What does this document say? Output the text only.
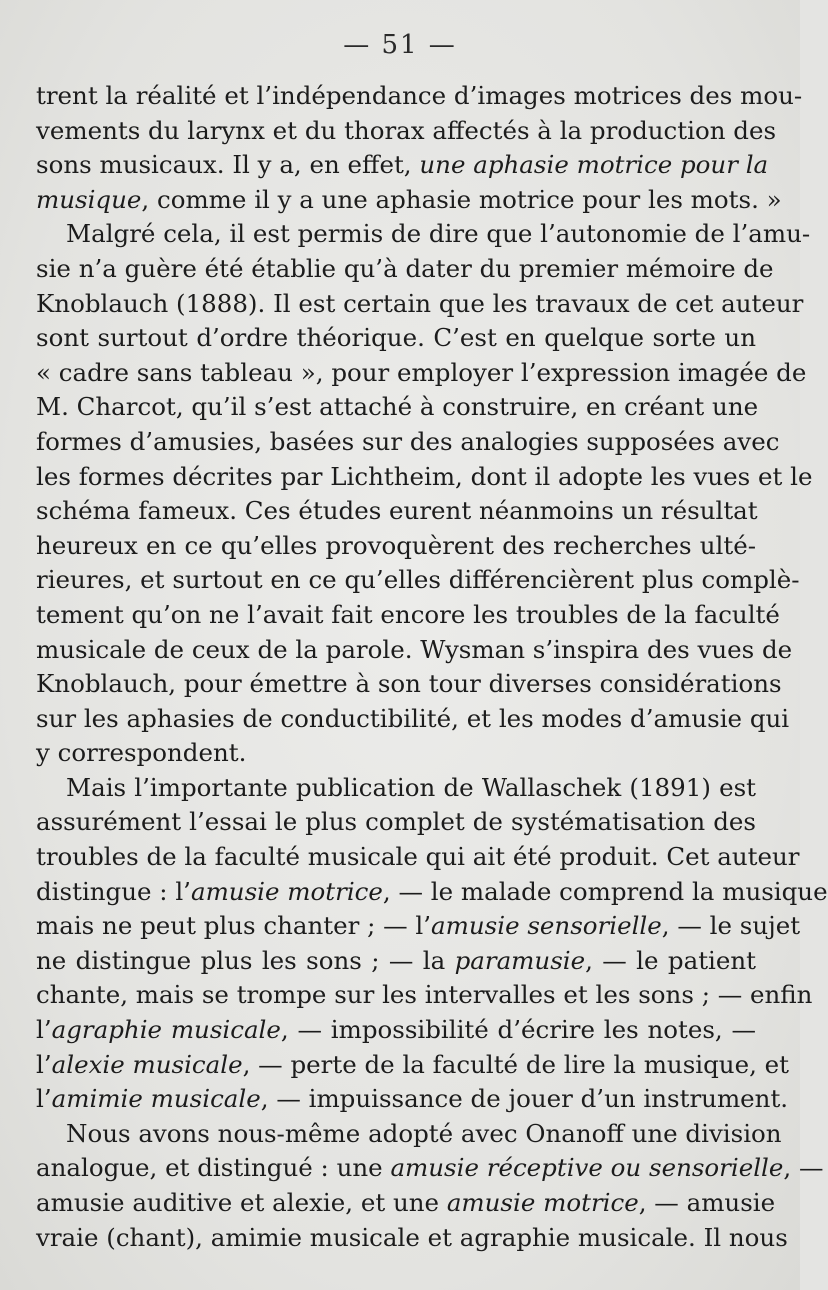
— 51 —
trent la réalité et l’indépendance d’images motrices des mou-
vements du larynx et du thorax affectés à la production des
sons musicaux. Il y a, en effet, une aphasie motrice pour la
musique, comme il y a une aphasie motrice pour les mots. »
Malgré cela, il est permis de dire que l’autonomie de l’amu-
sie n’a guère été établie qu’à dater du premier mémoire de
Knoblauch (1888). Il est certain que les travaux de cet auteur
sont surtout d’ordre théorique. C’est en quelque sorte un
« cadre sans tableau », pour employer l’expression imagée de
M. Charcot, qu’il s’est attaché à construire, en créant une
formes d’amusies, basées sur des analogies supposées avec
les formes décrites par Lichtheim, dont il adopte les vues et le
schéma fameux. Ces études eurent néanmoins un résultat
heureux en ce qu’elles provoquèrent des recherches ulté-
rieures, et surtout en ce qu’elles différencièrent plus complè-
tement qu’on ne l’avait fait encore les troubles de la faculté
musicale de ceux de la parole. Wysman s’inspira des vues de
Knoblauch, pour émettre à son tour diverses considérations
sur les aphasies de conductibilité, et les modes d’amusie qui
y correspondent.
Mais l’importante publication de Wallaschek (1891) est
assurément l’essai le plus complet de systématisation des
troubles de la faculté musicale qui ait été produit. Cet auteur
distingue : l’amusie motrice, — le malade comprend la musique
mais ne peut plus chanter ; — l’amusie sensorielle, — le sujet
ne distingue plus les sons ; — la paramusie, — le patient
chante, mais se trompe sur les intervalles et les sons ; — enfin
l’agraphie musicale, — impossibilité d’écrire les notes, —
l’alexie musicale, — perte de la faculté de lire la musique, et
l’amimie musicale, — impuissance de jouer d’un instrument.
Nous avons nous-même adopté avec Onanoff une division
analogue, et distingué : une amusie réceptive ou sensorielle, —
amusie auditive et alexie, et une amusie motrice, — amusie
vraie (chant), amimie musicale et agraphie musicale. Il nous
